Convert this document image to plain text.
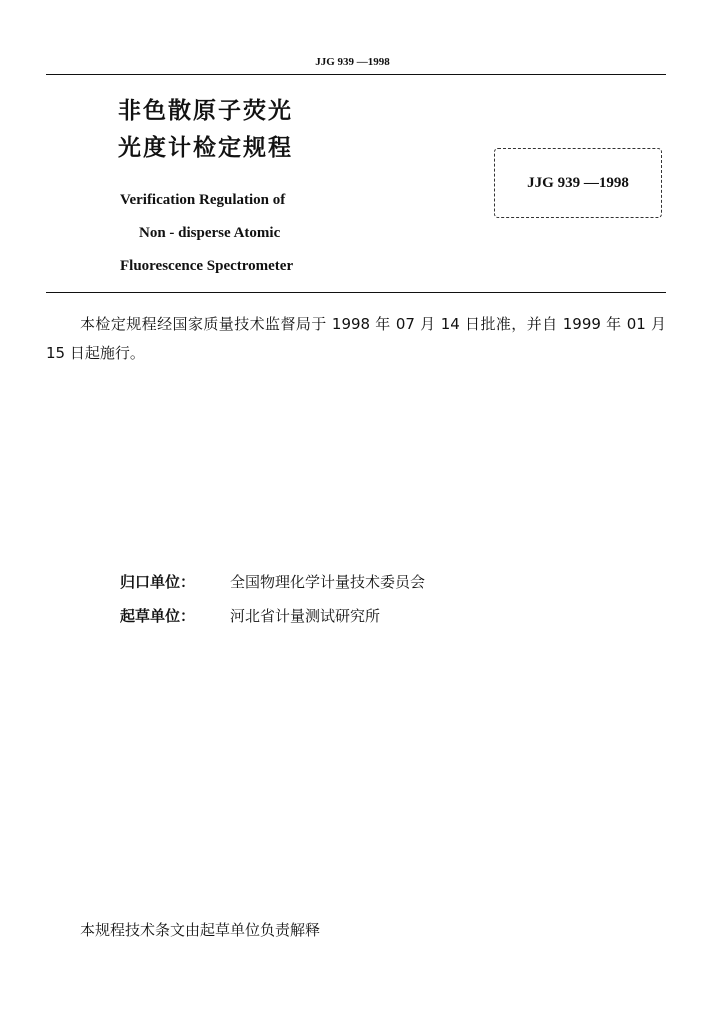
JJG 939 —1998
非色散原子荧光
光度计检定规程
Verification Regulation of
Non - disperse Atomic
Fluorescence Spectrometer
JJG 939 —1998
本检定规程经国家质量技术监督局于 1998 年 07 月 14 日批准，并自 1999 年 01 月 15 日起施行。
归口单位： 全国物理化学计量技术委员会
起草单位： 河北省计量测试研究所
本规程技术条文由起草单位负责解释
